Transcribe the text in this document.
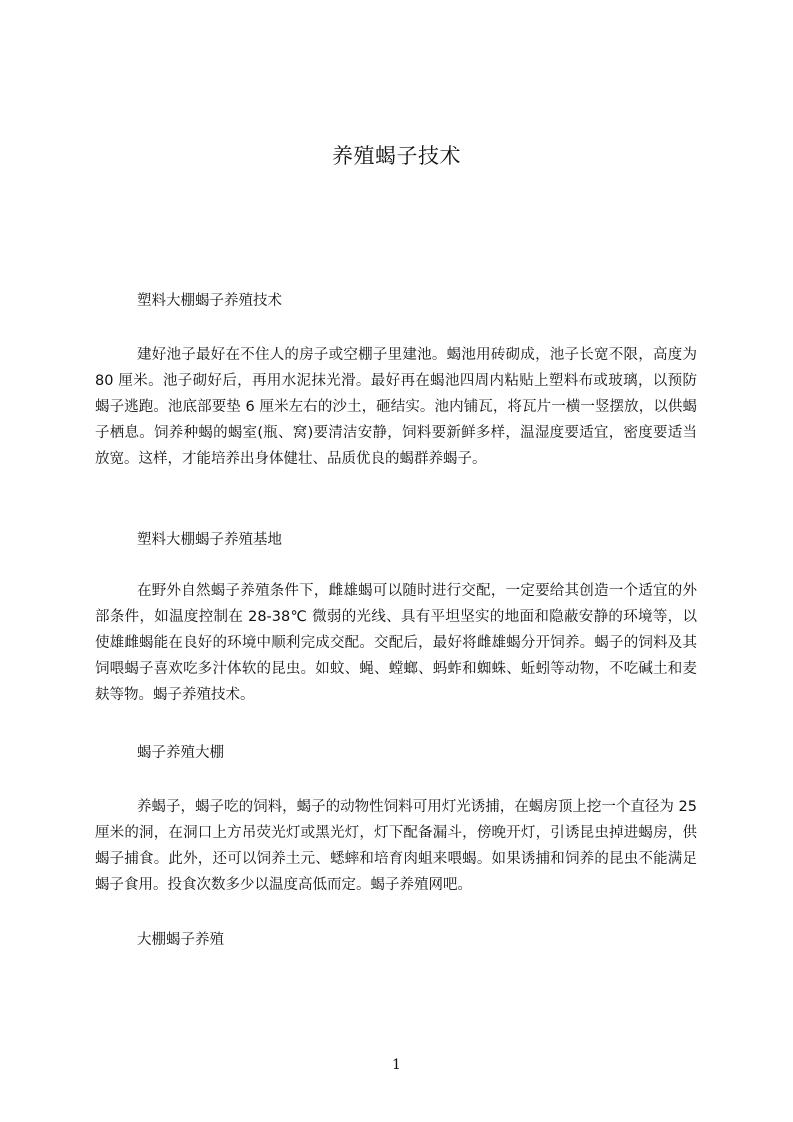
养殖蝎子技术
塑料大棚蝎子养殖技术
建好池子最好在不住人的房子或空棚子里建池。蝎池用砖砌成，池子长宽不限，高度为 80 厘米。池子砌好后，再用水泥抹光滑。最好再在蝎池四周内粘贴上塑料布或玻璃，以预防蝎子逃跑。池底部要垫 6 厘米左右的沙土，砸结实。池内铺瓦，将瓦片一横一竖摆放，以供蝎子栖息。饲养种蝎的蝎室(瓶、窝)要清洁安静，饲料要新鲜多样，温湿度要适宜，密度要适当放宽。这样，才能培养出身体健壮、品质优良的蝎群养蝎子。
塑料大棚蝎子养殖基地
在野外自然蝎子养殖条件下，雌雄蝎可以随时进行交配，一定要给其创造一个适宜的外部条件，如温度控制在 28-38℃ 微弱的光线、具有平坦坚实的地面和隐蔽安静的环境等，以使雄雌蝎能在良好的环境中顺利完成交配。交配后，最好将雌雄蝎分开饲养。蝎子的饲料及其饲喂蝎子喜欢吃多汁体软的昆虫。如蚊、蝇、螳螂、蚂蚱和蜘蛛、蚯蚓等动物，不吃碱土和麦麸等物。蝎子养殖技术。
蝎子养殖大棚
养蝎子，蝎子吃的饲料，蝎子的动物性饲料可用灯光诱捕，在蝎房顶上挖一个直径为 25 厘米的洞，在洞口上方吊荧光灯或黑光灯，灯下配备漏斗，傍晚开灯，引诱昆虫掉进蝎房，供蝎子捕食。此外，还可以饲养土元、蟋蟀和培育肉蛆来喂蝎。如果诱捕和饲养的昆虫不能满足蝎子食用。投食次数多少以温度高低而定。蝎子养殖网吧。
大棚蝎子养殖
1
